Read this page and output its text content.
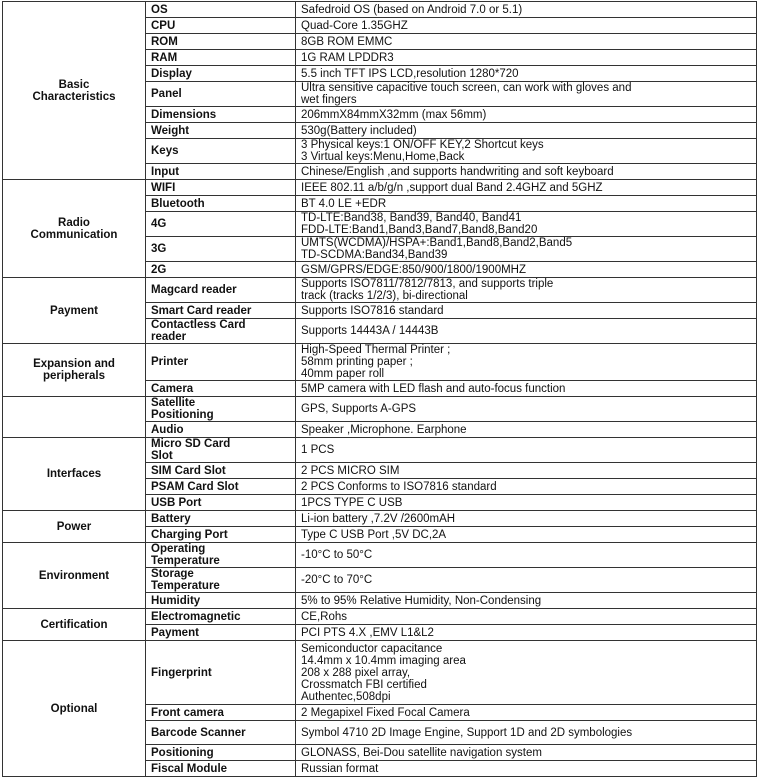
Basic
Characteristics	OS	Safedroid OS (based on Android 7.0 or 5.1)
	CPU	Quad-Core 1.35GHZ
	ROM	8GB ROM EMMC
	RAM	1G RAM LPDDR3
	Display	5.5 inch TFT IPS LCD,resolution 1280*720
	Panel	Ultra sensitive capacitive touch screen, can work with gloves and
wet fingers
	Dimensions	206mmX84mmX32mm (max 56mm)
	Weight	530g(Battery included)
	Keys	3 Physical keys:1 ON/OFF KEY,2 Shortcut keys
3 Virtual keys:Menu,Home,Back
	Input	Chinese/English ,and supports handwriting and soft keyboard
Radio
Communication	WIFI	IEEE 802.11 a/b/g/n ,support dual Band 2.4GHZ and 5GHZ
	Bluetooth	BT 4.0 LE +EDR
	4G	TD-LTE:Band38, Band39, Band40, Band41
FDD-LTE:Band1,Band3,Band7,Band8,Band20
	3G	UMTS(WCDMA)/HSPA+:Band1,Band8,Band2,Band5
TD-SCDMA:Band34,Band39
	2G	GSM/GPRS/EDGE:850/900/1800/1900MHZ
Payment	Magcard reader	Supports ISO7811/7812/7813, and supports triple
track (tracks 1/2/3), bi-directional
	Smart Card reader	Supports ISO7816 standard
	Contactless Card
reader	Supports 14443A / 14443B
Expansion and
peripherals	Printer	High-Speed Thermal Printer ;
58mm printing paper ;
40mm paper roll
	Camera	5MP camera with LED flash and auto-focus function
	Satellite
Positioning	GPS, Supports A-GPS
	Audio	Speaker ,Microphone. Earphone
Interfaces	Micro SD Card
Slot	1 PCS
	SIM Card Slot	2 PCS MICRO SIM
	PSAM Card Slot	2 PCS Conforms to ISO7816 standard
	USB Port	1PCS TYPE C USB
Power	Battery	Li-ion battery ,7.2V /2600mAH
	Charging Port	Type C USB Port ,5V DC,2A
Environment	Operating
Temperature	-10°C to 50°C
	Storage
Temperature	-20°C to 70°C
	Humidity	5% to 95% Relative Humidity, Non-Condensing
Certification	Electromagnetic	CE,Rohs
	Payment	PCI PTS 4.X ,EMV L1&L2
Optional	Fingerprint	Semiconductor capacitance
14.4mm x 10.4mm imaging area
208 x 288 pixel array,
Crossmatch FBI certified
Authentec,508dpi
	Front camera	2 Megapixel Fixed Focal Camera
	Barcode Scanner	Symbol 4710 2D Image Engine, Support 1D and 2D symbologies
	Positioning	GLONASS, Bei-Dou satellite navigation system
	Fiscal Module	Russian format
